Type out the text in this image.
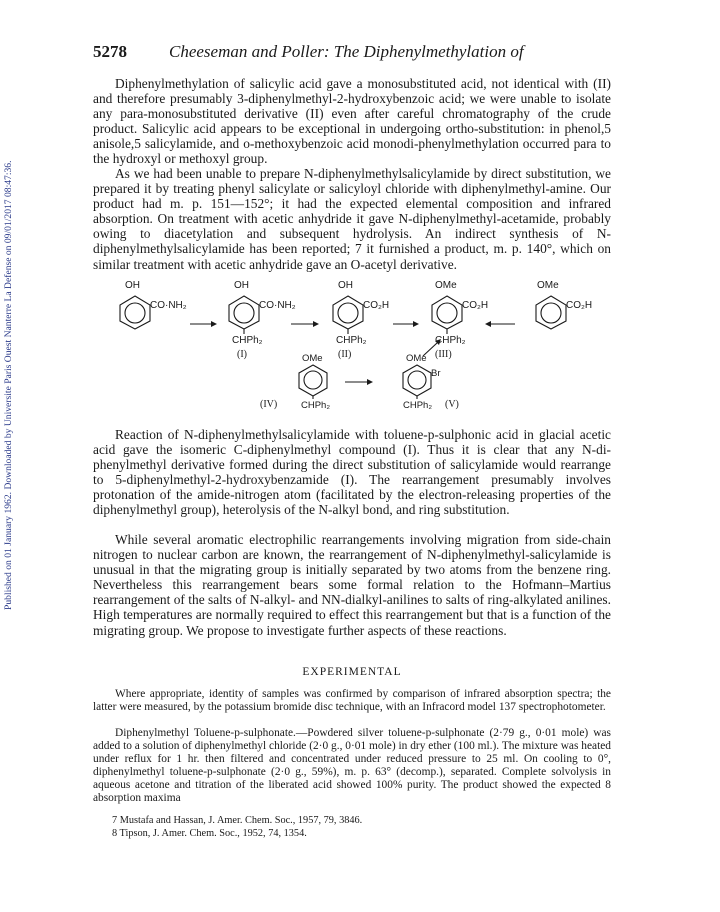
Published on 01 January 1962. Downloaded by Universite Paris Ouest Nanterre La Defense on 09/01/2017 08:47:36.
5278 Cheeseman and Poller: The Diphenylmethylation of

Diphenylmethylation of salicylic acid gave a monosubstituted acid, not identical with (II) and therefore presumably 3-diphenylmethyl-2-hydroxybenzoic acid; we were unable to isolate any para-monosubstituted derivative (II) even after careful chromatography of the crude product. Salicylic acid appears to be exceptional in undergoing ortho-substitution: in phenol,5 anisole,5 salicylamide, and o-methoxybenzoic acid monodi-phenylmethylation occurred para to the hydroxyl or methoxyl group.

As we had been unable to prepare N-diphenylmethylsalicylamide by direct substitution, we prepared it by treating phenyl salicylate or salicyloyl chloride with diphenylmethyl-amine. Our product had m. p. 151—152°; it had the expected elemental composition and infrared absorption. On treatment with acetic anhydride it gave N-diphenylmethyl-acetamide, probably owing to diacetylation and subsequent hydrolysis. An indirect synthesis of N-diphenylmethylsalicylamide has been reported; 7 it furnished a product, m. p. 140°, which on similar treatment with acetic anhydride gave an O-acetyl derivative.

OH
CO·NH₂
OH
CO·NH₂
CHPh₂
(I)
OH
CO₂H
CHPh₂
(II)
OMe
CO₂H
CHPh₂
(III)
OMe
CO₂H
OMe
CHPh₂
(IV)
OMe
Br
CHPh₂ (V)

Reaction of N-diphenylmethylsalicylamide with toluene-p-sulphonic acid in glacial acetic acid gave the isomeric C-diphenylmethyl compound (I). Thus it is clear that any N-di-phenylmethyl derivative formed during the direct substitution of salicylamide would rearrange to 5-diphenylmethyl-2-hydroxybenzamide (I). The rearrangement presumably involves protonation of the amide-nitrogen atom (facilitated by the electron-releasing properties of the diphenylmethyl group), heterolysis of the N-alkyl bond, and ring substitution.

While several aromatic electrophilic rearrangements involving migration from side-chain nitrogen to nuclear carbon are known, the rearrangement of N-diphenylmethyl-salicylamide is unusual in that the migrating group is initially separated by two atoms from the benzene ring. Nevertheless this rearrangement bears some formal relation to the Hofmann–Martius rearrangement of the salts of N-alkyl- and NN-dialkyl-anilines to salts of ring-alkylated anilines. High temperatures are normally required to effect this rearrangement but that is a function of the migrating group. We propose to investigate further aspects of these reactions.

EXPERIMENTAL

Where appropriate, identity of samples was confirmed by comparison of infrared absorption spectra; the latter were measured, by the potassium bromide disc technique, with an Infracord model 137 spectrophotometer.

Diphenylmethyl Toluene-p-sulphonate.—Powdered silver toluene-p-sulphonate (2·79 g., 0·01 mole) was added to a solution of diphenylmethyl chloride (2·0 g., 0·01 mole) in dry ether (100 ml.). The mixture was heated under reflux for 1 hr. then filtered and concentrated under reduced pressure to 25 ml. On cooling to 0°, diphenylmethyl toluene-p-sulphonate (2·0 g., 59%), m. p. 63° (decomp.), separated. Complete solvolysis in aqueous acetone and titration of the liberated acid showed 100% purity. The product showed the expected 8 absorption maxima

7 Mustafa and Hassan, J. Amer. Chem. Soc., 1957, 79, 3846.
8 Tipson, J. Amer. Chem. Soc., 1952, 74, 1354.
